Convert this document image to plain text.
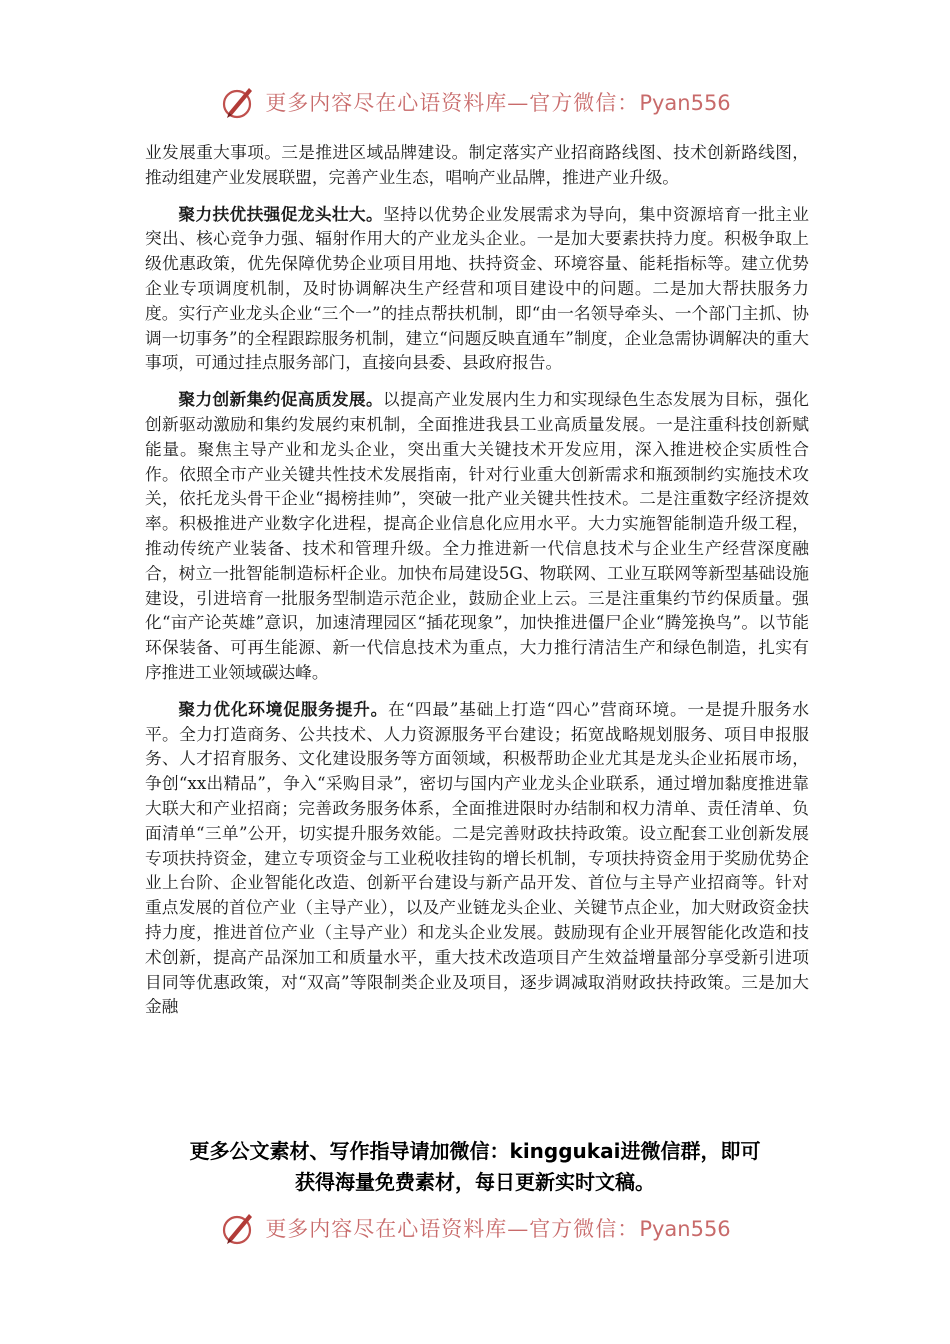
更多内容尽在心语资料库—官方微信：Pyan556

业发展重大事项。三是推进区域品牌建设。制定落实产业招商路线图、技术创新路线图，推动组建产业发展联盟，完善产业生态，唱响产业品牌，推进产业升级。

聚力扶优扶强促龙头壮大。坚持以优势企业发展需求为导向，集中资源培育一批主业突出、核心竞争力强、辐射作用大的产业龙头企业。一是加大要素扶持力度。积极争取上级优惠政策，优先保障优势企业项目用地、扶持资金、环境容量、能耗指标等。建立优势企业专项调度机制，及时协调解决生产经营和项目建设中的问题。二是加大帮扶服务力度。实行产业龙头企业“三个一”的挂点帮扶机制，即“由一名领导牵头、一个部门主抓、协调一切事务”的全程跟踪服务机制，建立“问题反映直通车”制度，企业急需协调解决的重大事项，可通过挂点服务部门，直接向县委、县政府报告。

聚力创新集约促高质发展。以提高产业发展内生力和实现绿色生态发展为目标，强化创新驱动激励和集约发展约束机制，全面推进我县工业高质量发展。一是注重科技创新赋能量。聚焦主导产业和龙头企业，突出重大关键技术开发应用，深入推进校企实质性合作。依照全市产业关键共性技术发展指南，针对行业重大创新需求和瓶颈制约实施技术攻关，依托龙头骨干企业“揭榜挂帅”，突破一批产业关键共性技术。二是注重数字经济提效率。积极推进产业数字化进程，提高企业信息化应用水平。大力实施智能制造升级工程，推动传统产业装备、技术和管理升级。全力推进新一代信息技术与企业生产经营深度融合，树立一批智能制造标杆企业。加快布局建设5G、物联网、工业互联网等新型基础设施建设，引进培育一批服务型制造示范企业，鼓励企业上云。三是注重集约节约保质量。强化“亩产论英雄”意识，加速清理园区“插花现象”，加快推进僵尸企业“腾笼换鸟”。以节能环保装备、可再生能源、新一代信息技术为重点，大力推行清洁生产和绿色制造，扎实有序推进工业领域碳达峰。

聚力优化环境促服务提升。在“四最”基础上打造“四心”营商环境。一是提升服务水平。全力打造商务、公共技术、人力资源服务平台建设；拓宽战略规划服务、项目申报服务、人才招育服务、文化建设服务等方面领域，积极帮助企业尤其是龙头企业拓展市场，争创“xx出精品”，争入“采购目录”，密切与国内产业龙头企业联系，通过增加黏度推进靠大联大和产业招商；完善政务服务体系，全面推进限时办结制和权力清单、责任清单、负面清单“三单”公开，切实提升服务效能。二是完善财政扶持政策。设立配套工业创新发展专项扶持资金，建立专项资金与工业税收挂钩的增长机制，专项扶持资金用于奖励优势企业上台阶、企业智能化改造、创新平台建设与新产品开发、首位与主导产业招商等。针对重点发展的首位产业（主导产业），以及产业链龙头企业、关键节点企业，加大财政资金扶持力度，推进首位产业（主导产业）和龙头企业发展。鼓励现有企业开展智能化改造和技术创新，提高产品深加工和质量水平，重大技术改造项目产生效益增量部分享受新引进项目同等优惠政策，对“双高”等限制类企业及项目，逐步调减取消财政扶持政策。三是加大金融

更多公文素材、写作指导请加微信：kinggukai进微信群，即可
获得海量免费素材，每日更新实时文稿。
更多内容尽在心语资料库—官方微信：Pyan556
